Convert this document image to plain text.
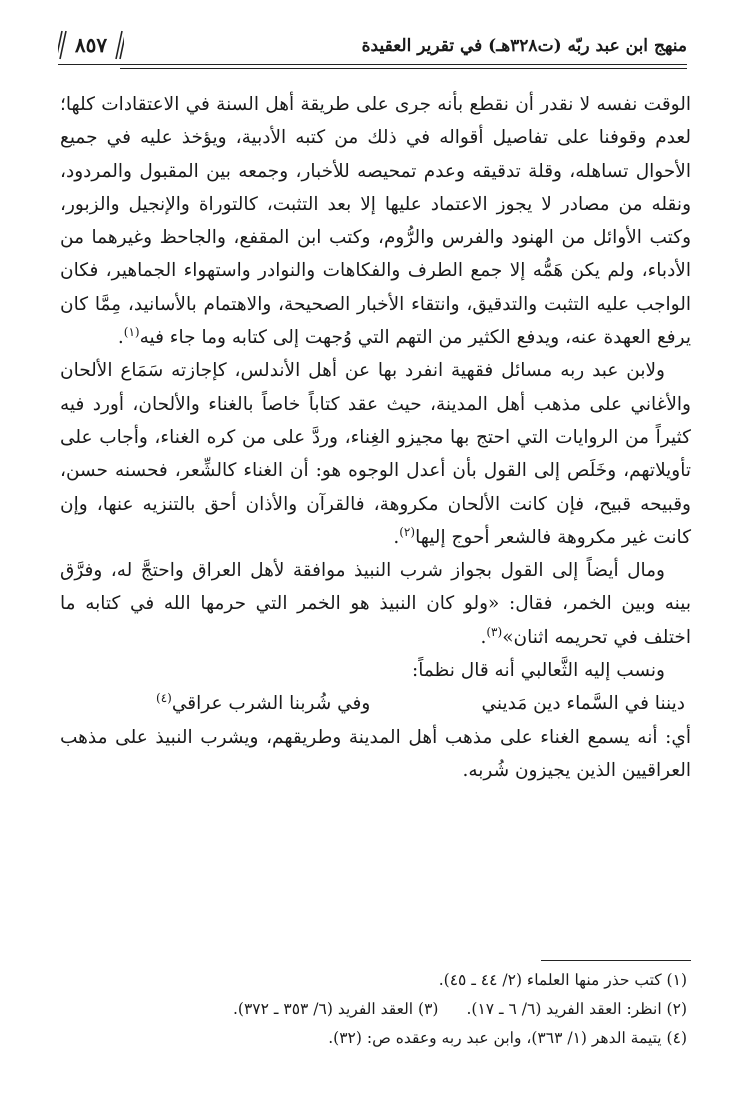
منهج ابن عبد ربّه (ت٣٢٨هـ) في تقرير العقيدة
٨٥٧

الوقت نفسه لا نقدر أن نقطع بأنه جرى على طريقة أهل السنة في الاعتقادات كلها؛ لعدم وقوفنا على تفاصيل أقواله في ذلك من كتبه الأدبية، ويؤخذ عليه في جميع الأحوال تساهله، وقلة تدقيقه وعدم تمحيصه للأخبار، وجمعه بين المقبول والمردود، ونقله من مصادر لا يجوز الاعتماد عليها إلا بعد التثبت، كالتوراة والإنجيل والزبور، وكتب الأوائل من الهنود والفرس والرُّوم، وكتب ابن المقفع، والجاحظ وغيرهما من الأدباء، ولم يكن هَمُّه إلا جمع الطرف والفكاهات والنوادر واستهواء الجماهير، فكان الواجب عليه التثبت والتدقيق، وانتقاء الأخبار الصحيحة، والاهتمام بالأسانيد، مِمَّا كان يرفع العهدة عنه، ويدفع الكثير من التهم التي وُجهت إلى كتابه وما جاء فيه$^{(١)}$.

ولابن عبد ربه مسائل فقهية انفرد بها عن أهل الأندلس، كإجازته سَمَاع الألحان والأغاني على مذهب أهل المدينة، حيث عقد كتاباً خاصاً بالغناء والألحان، أورد فيه كثيراً من الروايات التي احتج بها مجيزو الغِناء، وردَّ على من كره الغناء، وأجاب على تأويلاتهم، وخَلَص إلى القول بأن أعدل الوجوه هو: أن الغناء كالشِّعر، فحسنه حسن، وقبيحه قبيح، فإن كانت الألحان مكروهة، فالقرآن والأذان أحق بالتنزيه عنها، وإن كانت غير مكروهة فالشعر أحوج إليها$^{(٢)}$.

ومال أيضاً إلى القول بجواز شرب النبيذ موافقة لأهل العراق واحتجَّ له، وفرَّق بينه وبين الخمر، فقال: «ولو كان النبيذ هو الخمر التي حرمها الله في كتابه ما اختلف في تحريمه اثنان»$^{(٣)}$.

ونسب إليه الثَّعالبي أنه قال نظماً:

ديننا في السَّماء دين مَديني
وفي شُربنا الشرب عراقي$^{(٤)}$

أي: أنه يسمع الغناء على مذهب أهل المدينة وطريقهم، ويشرب النبيذ على مذهب العراقيين الذين يجيزون شُربه.

(١) كتب حذر منها العلماء (٢/ ٤٤ ـ ٤٥).

(٢) انظر: العقد الفريد (٦/ ٦ ـ ١٧).(٣) العقد الفريد (٦/ ٣٥٣ ـ ٣٧٢).

(٤) يتيمة الدهر (١/ ٣٦٣)، وابن عبد ربه وعقده ص: (٣٢).
